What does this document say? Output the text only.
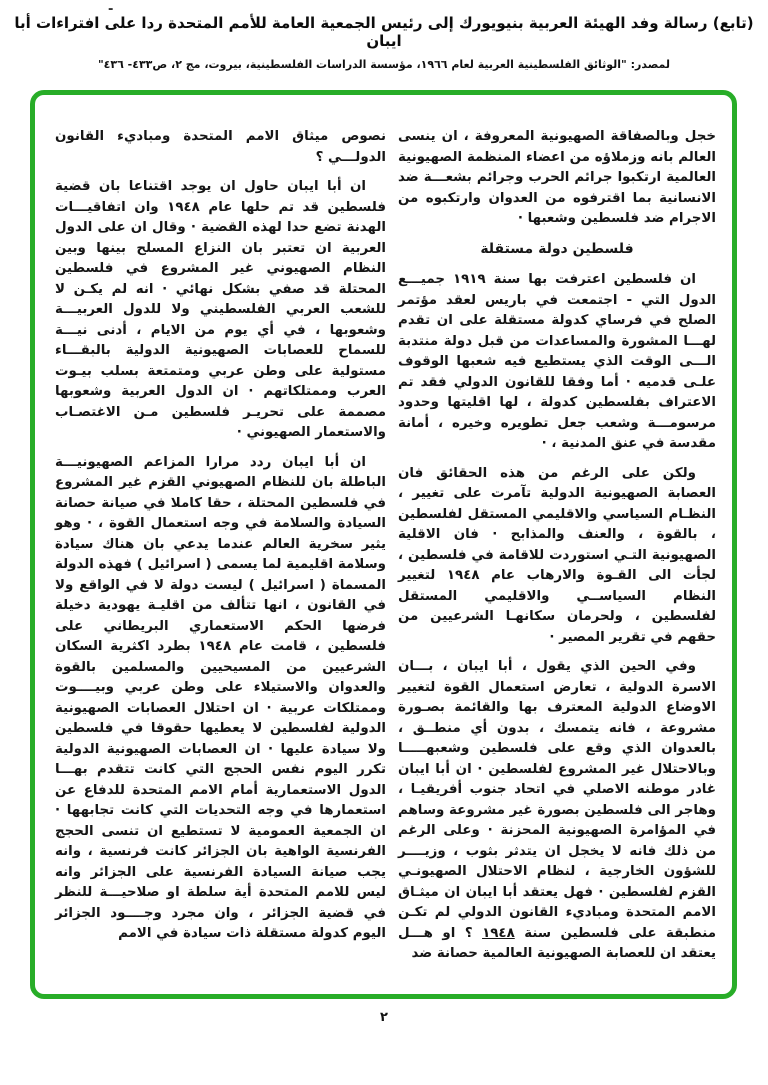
-
(تابع) رسالة وفد الهيئة العربية بنيويورك إلى رئيس الجمعية العامة للأمم المتحدة ردا على افتراءات أبا ايبان
لمصدر: "الوثائق الفلسطينية العربية لعام ١٩٦٦، مؤسسة الدراسات الفلسطينية، بيروت، مج ٢، ص٤٣٣- ٤٣٦"

خجل وبالصفاقة الصهيونية المعروفة ، ان ينسى العالم بانه وزملاؤه من اعضاء المنظمة الصهيونية العالمية ارتكبوا جرائم الحرب وجرائم بشعـــة ضد الانسانية بما اقترفوه من العدوان وارتكبوه من الاجرام ضد فلسطين وشعبها ·

فلسطين دولة مستقلة

ان فلسطين اعترفت بها سنة ١٩١٩ جميـــع الدول التي - اجتمعت في باريس لعقد مؤتمر الصلح في فرساي كدولة مستقلة على ان تقدم لهـــا المشورة والمساعدات من قبل دولة منتدبة الـــى الوقت الذي يستطيع فيه شعبها الوقوف علـى قدميه · أما وفقا للقانون الدولي فقد تم الاعتراف بفلسطين كدولة ، لها اقليتها وحدود مرسومـــة وشعب جعل تطويره وخيره ، أمانة مقدسة في عنق المدنية ، ·

ولكن على الرغم من هذه الحقائق فان العصابة الصهيونية الدولية تآمرت على تغيير ، النظـام السياسي والاقليمي المستقل لفلسطين ، بالقوة ، والعنف والمذابح · فان الاقلية الصهيونية التـي استوردت للاقامة في فلسطين ، لجأت الى القـوة والارهاب عام ١٩٤٨ لتغيير النظام السياســي والاقليمي المستقل لفلسطين ، ولحرمان سكانهـا الشرعيين من حقهم في تقرير المصير ·

وفي الحين الذي يقول ، أبا ايبان ، بـــان الاسرة الدولية ، تعارض استعمال القوة لتغيير الاوضاع الدولية المعترف بها والقائمة بصـورة مشروعة ، فانه يتمسك ، بدون أي منطــق ، بالعدوان الذي وقع على فلسطين وشعبهـــــا وبالاحتلال غير المشروع لفلسطين · ان أبا ايبان غادر موطنه الاصلي في اتحاد جنوب أفريقيـا ، وهاجر الى فلسطين بصورة غير مشروعة وساهم في المؤامرة الصهيونية المحزنة · وعلى الرغم من ذلك فانه لا يخجل ان يتدثر بثوب ، وزيــــر للشؤون الخارجية ، لنظام الاحتلال الصهيونـي القزم لفلسطين · فهل يعتقد أبا ايبان ان ميثـاق الامم المتحدة ومباديء القانون الدولي لم تكـن منطبقة على فلسطين سنة ١٩٤٨ ؟ او هـــل يعتقد ان للعصابة الصهيونية العالمية حصانة ضد

نصوص ميثاق الامم المتحدة ومباديء القانون الدولـــي ؟

ان أبا ايبان حاول ان يوجد اقتناعا بان قضية فلسطين قد تم حلها عام ١٩٤٨ وان اتفاقيـــات الهدنة تضع حدا لهذه القضية · وقال ان على الدول العربية ان تعتبر بان النزاع المسلح بينها وبين النظام الصهيوني غير المشروع في فلسطين المحتلة قد صفي بشكل نهائي · انه لم يكـن لا للشعب العربي الفلسطيني ولا للدول العربيـــة وشعوبها ، في أي يوم من الايام ، أدنى نيـــة للسماح للعصابات الصهيونية الدولية بالبقـــاء مستولية على وطن عربي ومتمتعة بسلب بيـوت العرب وممتلكاتهم · ان الدول العربية وشعوبها مصممة على تحريـر فلسطين مـن الاغتصـاب والاستعمار الصهيوني ·

ان أبا ايبان ردد مرارا المزاعم الصهيونيـــة الباطلة بان للنظام الصهيوني القزم غير المشروع في فلسطين المحتلة ، حقا كاملا في صيانة حصانة السيادة والسلامة في وجه استعمال القوة ، · وهو يثير سخرية العالم عندما يدعي بان هناك سيادة وسلامة اقليمية لما يسمى ( اسرائيل ) فهذه الدولة المسماة ( اسرائيل ) ليست دولة لا في الواقع ولا في القانون ، انها تتألف من اقليـة يهودية دخيلة فرضها الحكم الاستعماري البريطاني على فلسطين ، قامت عام ١٩٤٨ بطرد اكثرية السكان الشرعيين من المسيحيين والمسلمين بالقوة والعدوان والاستيلاء على وطن عربي وبيــــوت وممتلكات عربية · ان احتلال العصابات الصهيونية الدولية لفلسطين لا يعطيها حقوقا في فلسطين ولا سيادة عليها · ان العصابات الصهيونية الدولية تكرر اليوم نفس الحجج التي كانت تتقدم بهـــا الدول الاستعمارية أمام الامم المتحدة للدفاع عن استعمارها في وجه التحديات التي كانت تجابهها · ان الجمعية العمومية لا تستطيع ان تنسى الحجج الفرنسية الواهية بان الجزائر كانت فرنسية ، وانه يجب صيانة السيادة الفرنسية على الجزائر وانه ليس للامم المتحدة أية سلطة او صلاحيـــة للنظر في قضية الجزائر ، وان مجرد وجــــود الجزائر اليوم كدولة مستقلة ذات سيادة في الامم

٢
